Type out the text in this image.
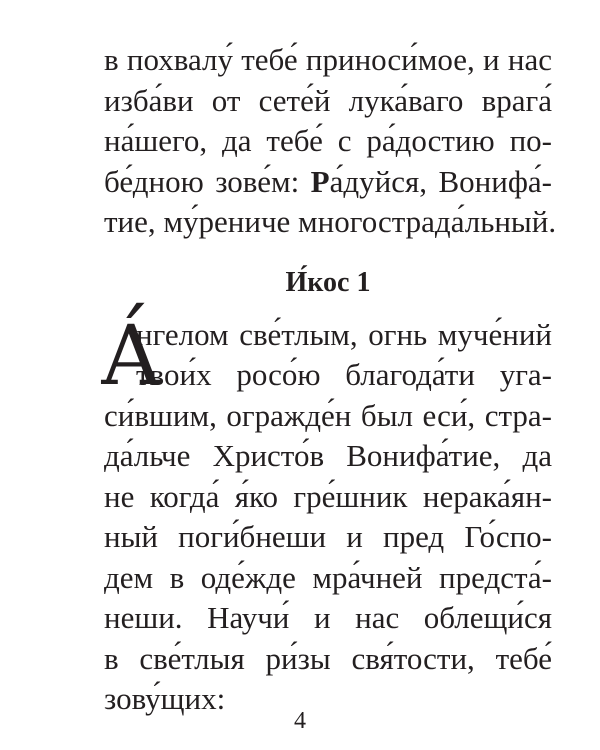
в похвалу́ тебе́ приноси́мое, и нас
изба́ви от сете́й лука́ваго врага́
на́шего, да тебе́ с ра́достию по-
бе́дною зове́м: Ра́дуйся, Вонифа́-
тие, му́рениче многострада́льный.
И́кос 1
А́
нгелом све́тлым, огнь муче́ний
твои́х росо́ю благода́ти уга-
си́вшим, огражде́н был еси́, стра-
да́льче Христо́в Вонифа́тие, да
не когда́ я́ко гре́шник нерака́ян-
ный поги́бнеши и пред Го́спо-
дем в оде́жде мра́чней предста́-
неши. Научи́ и нас облещи́ся
в све́тлыя ри́зы свя́тости, тебе́
зову́щих:
4
